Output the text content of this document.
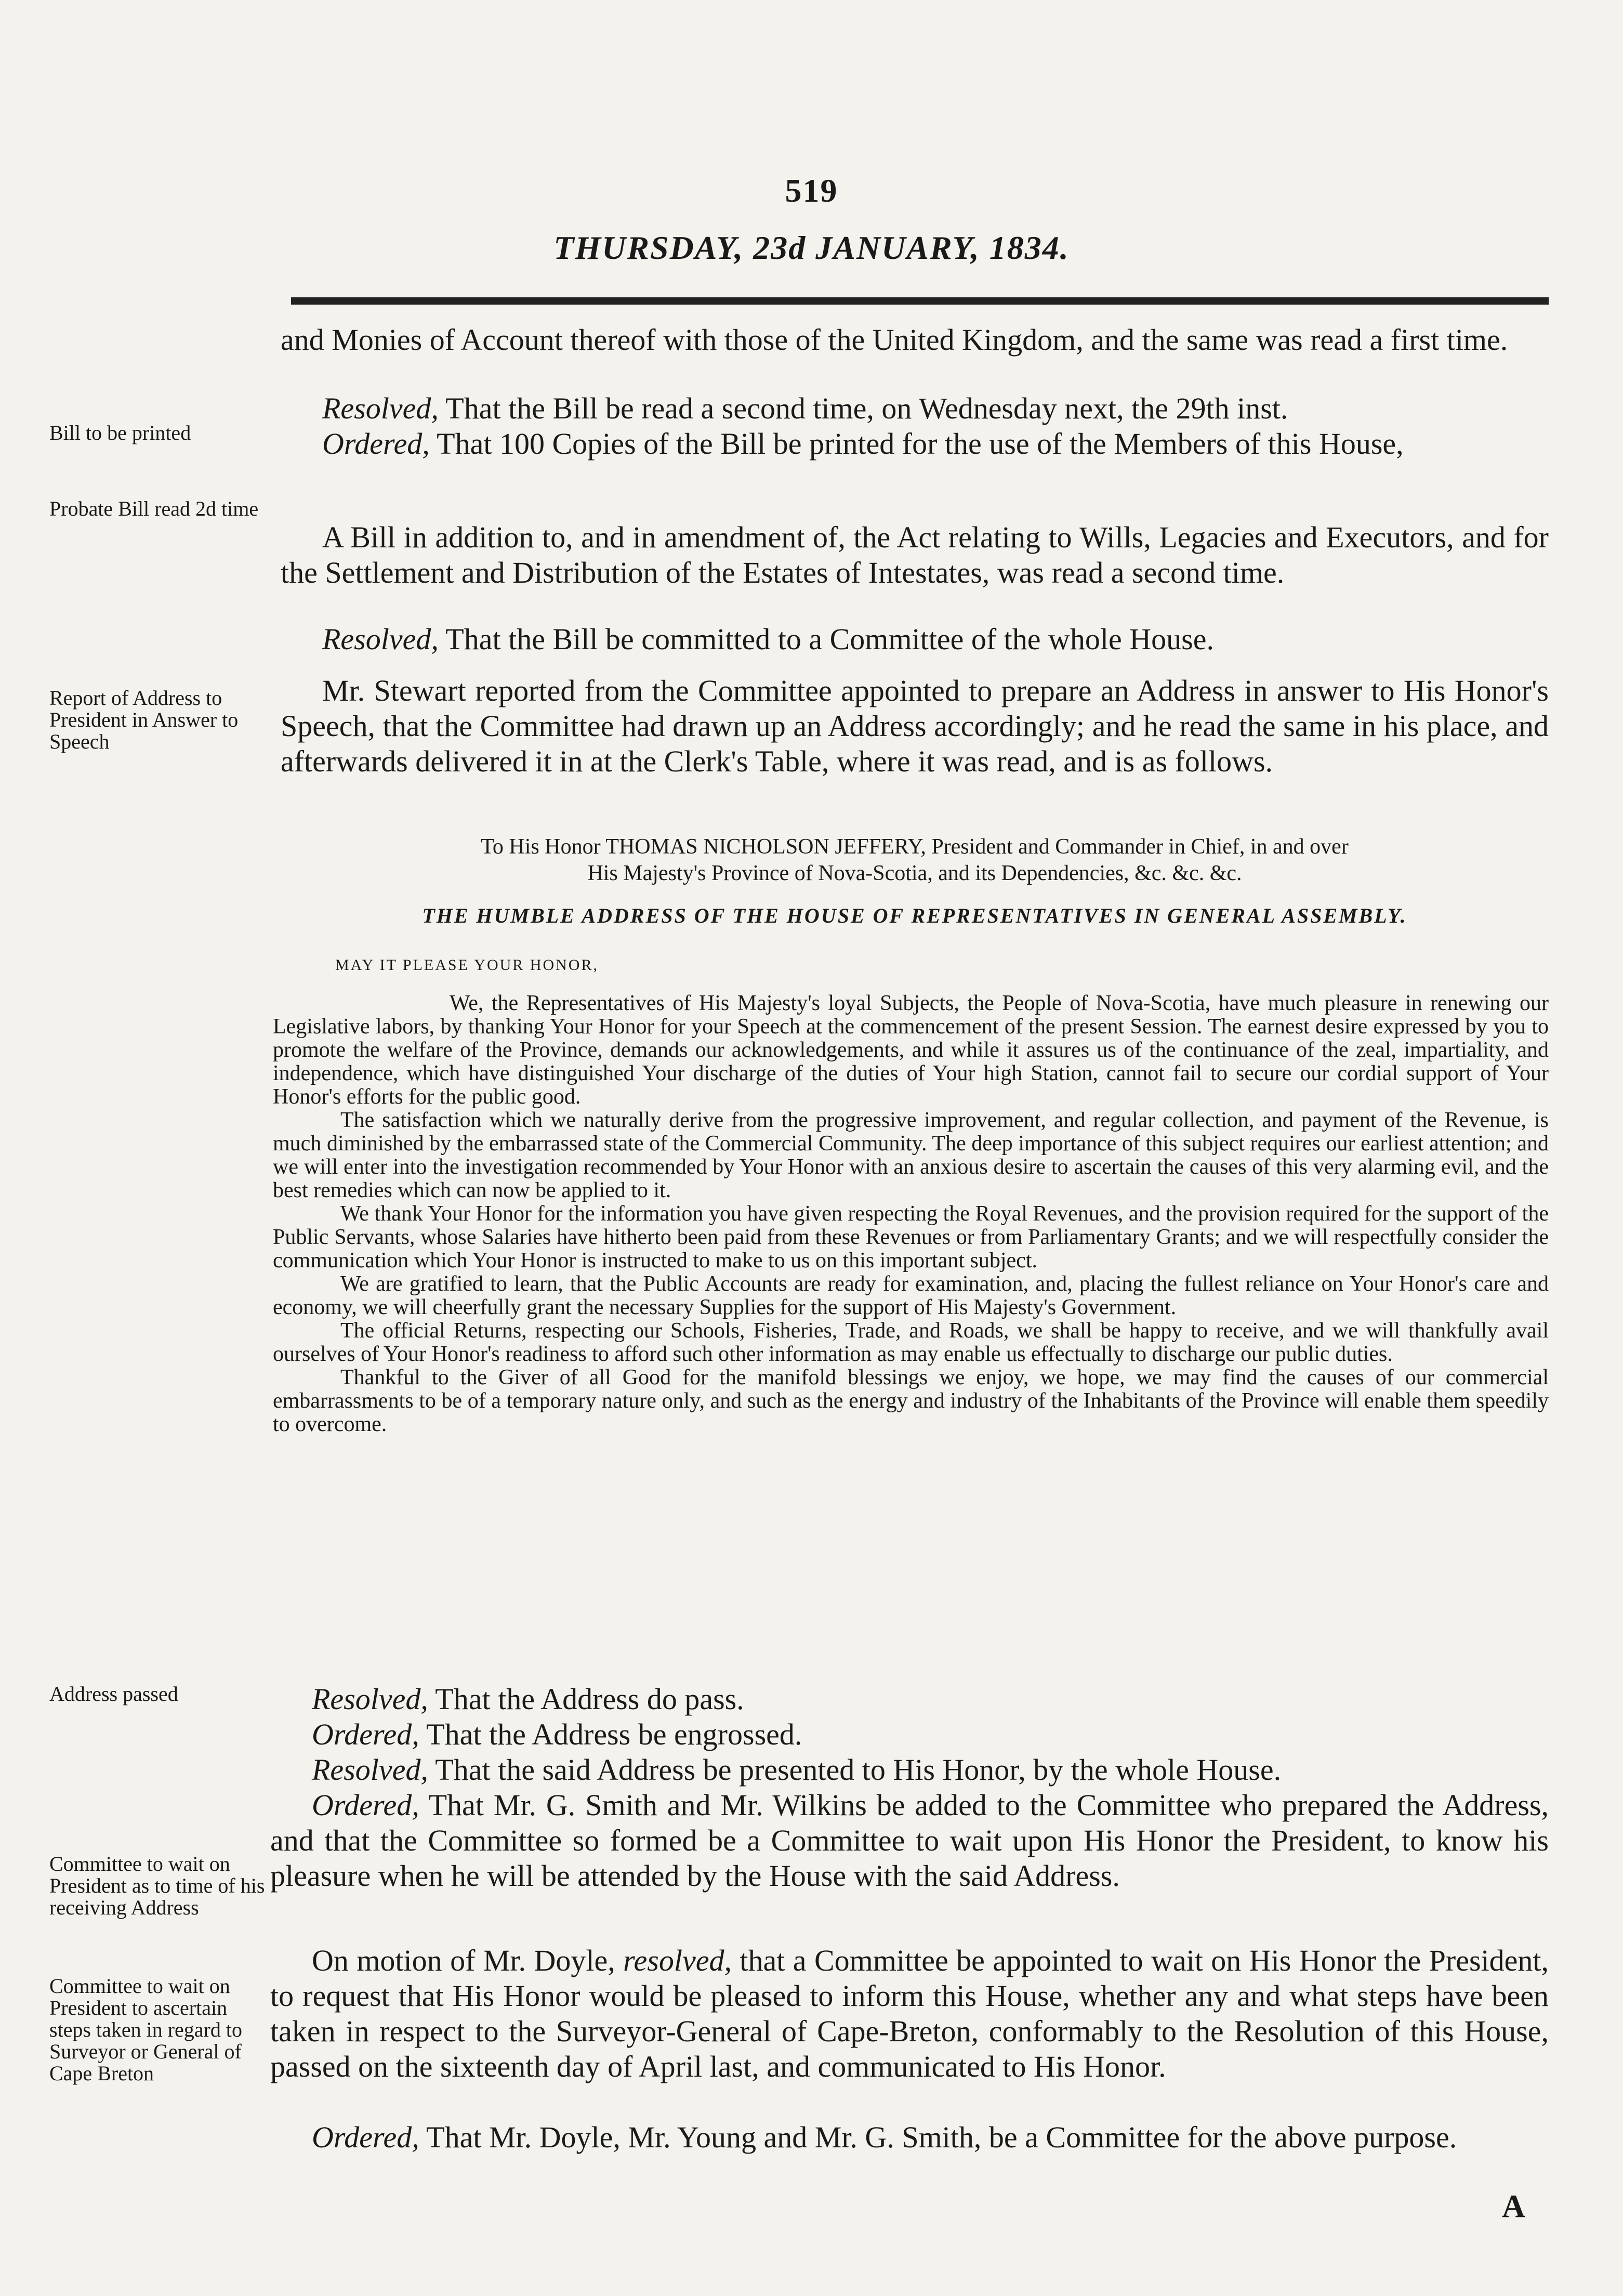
519
THURSDAY, 23d JANUARY, 1834.
Bill to be printed
Probate Bill read 2d time
Report of Address to President in Answer to Speech
Address passed
Committee to wait on President as to time of his receiving Address
Committee to wait on President to ascertain steps taken in regard to Surveyor or General of Cape Breton

and Monies of Account thereof with those of the United Kingdom, and the same was read a first time.

Resolved, That the Bill be read a second time, on Wednesday next, the 29th inst.

Ordered, That 100 Copies of the Bill be printed for the use of the Members of this House,

A Bill in addition to, and in amendment of, the Act relating to Wills, Legacies and Executors, and for the Settlement and Distribution of the Estates of Intestates, was read a second time.

Resolved, That the Bill be committed to a Committee of the whole House.

Mr. Stewart reported from the Committee appointed to prepare an Address in answer to His Honor's Speech, that the Committee had drawn up an Address accordingly; and he read the same in his place, and afterwards delivered it in at the Clerk's Table, where it was read, and is as follows.

To His Honor THOMAS NICHOLSON JEFFERY, President and Commander in Chief, in and over
His Majesty's Province of Nova-Scotia, and its Dependencies, &c. &c. &c.
THE HUMBLE ADDRESS OF THE HOUSE OF REPRESENTATIVES IN GENERAL ASSEMBLY.
MAY IT PLEASE YOUR HONOR,

We, the Representatives of His Majesty's loyal Subjects, the People of Nova-Scotia, have much pleasure in renewing our Legislative labors, by thanking Your Honor for your Speech at the commencement of the present Session. The earnest desire expressed by you to promote the welfare of the Province, demands our acknowledgements, and while it assures us of the continuance of the zeal, impartiality, and independence, which have distinguished Your discharge of the duties of Your high Station, cannot fail to secure our cordial support of Your Honor's efforts for the public good.

The satisfaction which we naturally derive from the progressive improvement, and regular collection, and payment of the Revenue, is much diminished by the embarrassed state of the Commercial Community. The deep importance of this subject requires our earliest attention; and we will enter into the investigation recommended by Your Honor with an anxious desire to ascertain the causes of this very alarming evil, and the best remedies which can now be applied to it.

We thank Your Honor for the information you have given respecting the Royal Revenues, and the provision required for the support of the Public Servants, whose Salaries have hitherto been paid from these Revenues or from Parliamentary Grants; and we will respectfully consider the communication which Your Honor is instructed to make to us on this important subject.

We are gratified to learn, that the Public Accounts are ready for examination, and, placing the fullest reliance on Your Honor's care and economy, we will cheerfully grant the necessary Supplies for the support of His Majesty's Government.

The official Returns, respecting our Schools, Fisheries, Trade, and Roads, we shall be happy to receive, and we will thankfully avail ourselves of Your Honor's readiness to afford such other information as may enable us effectually to discharge our public duties.

Thankful to the Giver of all Good for the manifold blessings we enjoy, we hope, we may find the causes of our commercial embarrassments to be of a temporary nature only, and such as the energy and industry of the Inhabitants of the Province will enable them speedily to overcome.

Resolved, That the Address do pass.

Ordered, That the Address be engrossed.

Resolved, That the said Address be presented to His Honor, by the whole House.

Ordered, That Mr. G. Smith and Mr. Wilkins be added to the Committee who prepared the Address, and that the Committee so formed be a Committee to wait upon His Honor the President, to know his pleasure when he will be attended by the House with the said Address.

On motion of Mr. Doyle, resolved, that a Committee be appointed to wait on His Honor the President, to request that His Honor would be pleased to inform this House, whether any and what steps have been taken in respect to the Surveyor-General of Cape-Breton, conformably to the Resolution of this House, passed on the sixteenth day of April last, and communicated to His Honor.

Ordered, That Mr. Doyle, Mr. Young and Mr. G. Smith, be a Committee for the above purpose.

A
